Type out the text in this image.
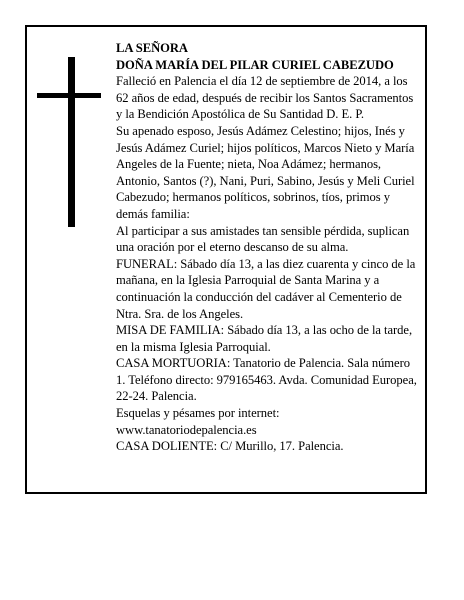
LA SEÑORA

DOÑA MARÍA DEL PILAR CURIEL CABEZUDO

Falleció en Palencia el día 12 de septiembre de 2014, a los 62 años de edad, después de recibir los Santos Sacramentos y la Bendición Apostólica de Su Santidad D. E. P.

Su apenado esposo, Jesús Adámez Celestino; hijos, Inés y Jesús Adámez Curiel; hijos políticos, Marcos Nieto y María Angeles de la Fuente; nieta, Noa Adámez; hermanos, Antonio, Santos (?), Nani, Puri, Sabino, Jesús y Meli Curiel Cabezudo; hermanos políticos, sobrinos, tíos, primos y demás familia:

Al participar a sus amistades tan sensible pérdida, suplican una oración por el eterno descanso de su alma.

FUNERAL: Sábado día 13, a las diez cuarenta y cinco de la mañana, en la Iglesia Parroquial de Santa Marina y a continuación la conducción del cadáver al Cementerio de Ntra. Sra. de los Angeles.

MISA DE FAMILIA: Sábado día 13, a las ocho de la tarde, en la misma Iglesia Parroquial.

CASA MORTUORIA: Tanatorio de Palencia. Sala número 1. Teléfono directo: 979165463. Avda. Comunidad Europea, 22-24. Palencia.

Esquelas y pésames por internet: www.tanatoriodepalencia.es

CASA DOLIENTE: C/ Murillo, 17. Palencia.
